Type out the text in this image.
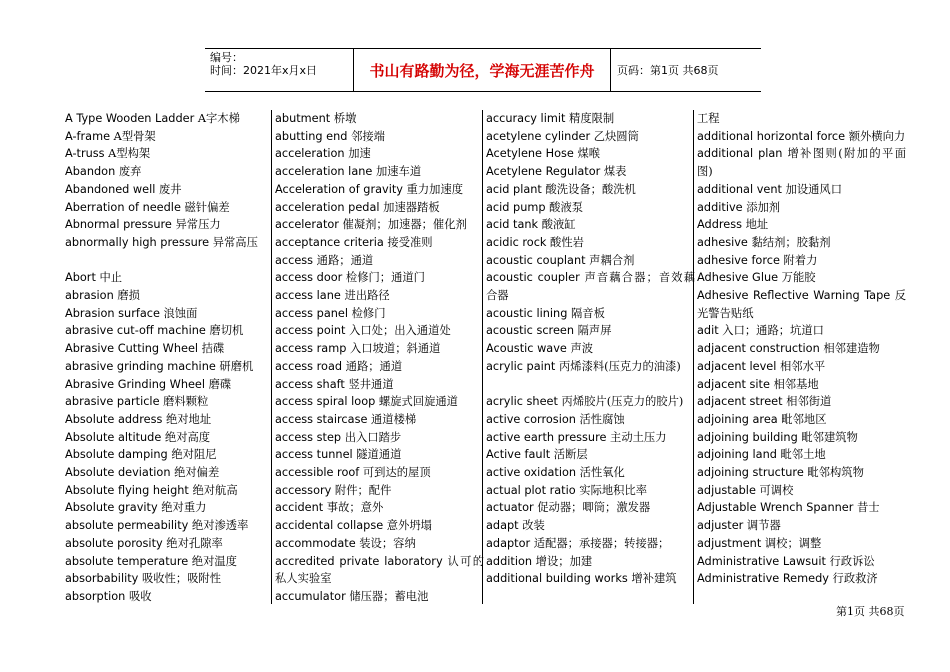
编号：
时间：2021年x月x日	书山有路勤为径，学海无涯苦作舟	页码：第1页 共68页
A Type Wooden Ladder A字木梯
A-frame A型骨架
A-truss A型构架
Abandon 废弃
Abandoned well 废井
Aberration of needle 磁针偏差
Abnormal pressure 异常压力
abnormally high pressure 异常高压
Abort 中止
abrasion 磨损
Abrasion surface 浪蚀面
abrasive cut-off machine 磨切机
Abrasive Cutting Wheel 拮碟
abrasive grinding machine 研磨机
Abrasive Grinding Wheel 磨碟
abrasive particle 磨料颗粒
Absolute address 绝对地址
Absolute altitude 绝对高度
Absolute damping 绝对阻尼
Absolute deviation 绝对偏差
Absolute flying height 绝对航高
Absolute gravity 绝对重力
absolute permeability 绝对渗透率
absolute porosity 绝对孔隙率
absolute temperature 绝对温度
absorbability 吸收性；吸附性
absorption 吸收
abutment 桥墩
abutting end 邻接端
acceleration 加速
acceleration lane 加速车道
Acceleration of gravity 重力加速度
acceleration pedal 加速器踏板
accelerator 催凝剂；加速器；催化剂
acceptance criteria 接受准则
access 通路；通道
access door 检修门；通道门
access lane 进出路径
access panel 检修门
access point 入口处；出入通道处
access ramp 入口坡道；斜通道
access road 通路；通道
access shaft 竖井通道
access spiral loop 螺旋式回旋通道
access staircase 通道楼梯
access step 出入口踏步
access tunnel 隧道通道
accessible roof 可到达的屋顶
accessory 附件；配件
accident 事故；意外
accidental collapse 意外坍塌
accommodate 装设；容纳
accredited private laboratory 认可的私人实验室
accumulator 储压器；蓄电池
accuracy limit 精度限制
acetylene cylinder 乙炔圆筒
Acetylene Hose 煤喉
Acetylene Regulator 煤表
acid plant 酸洗设备；酸洗机
acid pump 酸液泵
acid tank 酸液缸
acidic rock 酸性岩
acoustic couplant 声耦合剂
acoustic coupler 声音藕合器；音效藕合器
acoustic lining 隔音板
acoustic screen 隔声屏
Acoustic wave 声波
acrylic paint 丙烯漆料(压克力的油漆)
acrylic sheet 丙烯胶片(压克力的胶片)
active corrosion 活性腐蚀
active earth pressure 主动土压力
Active fault 活断层
active oxidation 活性氧化
actual plot ratio 实际地积比率
actuator 促动器；唧筒；激发器
adapt 改装
adaptor 适配器；承接器；转接器；
addition 增设；加建
additional building works 增补建筑
工程
additional horizontal force 额外横向力
additional plan 增补图则(附加的平面图)
additional vent 加设通风口
additive 添加剂
Address 地址
adhesive 黏结剂；胶黏剂
adhesive force 附着力
Adhesive Glue 万能胶
Adhesive Reflective Warning Tape 反光警告贴纸
adit 入口；通路；坑道口
adjacent construction 相邻建造物
adjacent level 相邻水平
adjacent site 相邻基地
adjacent street 相邻街道
adjoining area 毗邻地区
adjoining building 毗邻建筑物
adjoining land 毗邻土地
adjoining structure 毗邻构筑物
adjustable 可调校
Adjustable Wrench Spanner 昔士
adjuster 调节器
adjustment 调校；调整
Administrative Lawsuit 行政诉讼
Administrative Remedy 行政救济
第1页 共68页
